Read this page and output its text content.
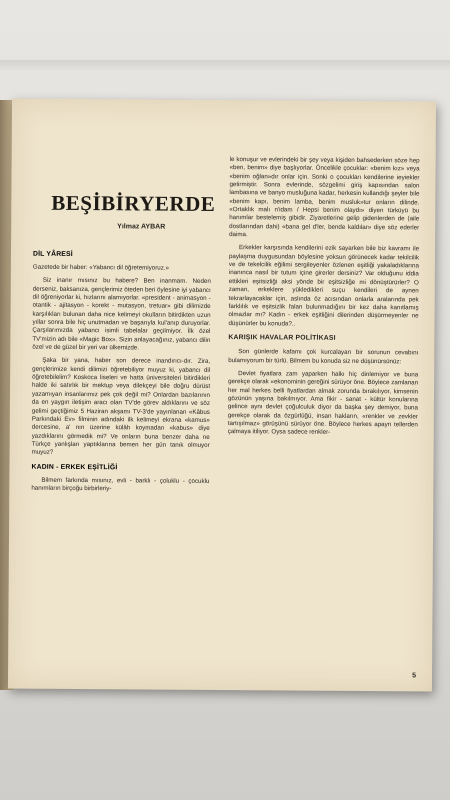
BEŞİBİRYERDE
Yılmaz AYBAR
DİL YÂRESİ

Gazetede bir haber: «Yabancı dil öğretemiyoruz.»

Siz inanır mısınız bu habere? Ben inanmam. Neden derseniz, baksanıza, gençlerimiz öteden beri öylesine iyi yabancı dil öğreniyorlar ki, hızlarını alamıyorlar. «president - animasyon - otantik - ajitasyon - korekt - mutasyon, tretuar» gibi dilimizde karşılıkları bulunan daha nice kelimeyi okulların bitirdikten uzun yıllar sonra bile hiç unutmadan ve başarıyla kul'anıp duruyorlar. Çarşılarımızda yabancı isimli tabelalar geçilmiyor. İlk özel TV'mizin adı bile «Magic Box». Sizin anlayacağınız, yabancı dilin özel ve de güzel bir yeri var ülkemizde.

Şaka bir yana, haber son derece inandırıcı-dır. Zira, gençlerimize kendi dilimizi öğretebiliyor muyuz ki, yabancı dil öğretebilelim? Koskoca liseleri ve hatta üniversiteleri bitirdikleri halde iki satırlık bir mektup veya dilekçeyi bile doğru dürüst yazamıyan insanlarımız pek çok değil mi? Onlardan bazılarının da en yaygın iletişim aracı olan TV'de görev aldıklarını ve söz gelimi geçtiğimiz 5 Haziran akşamı TV-3'de yayınlanan «Kâbus Parkındaki Ev» filminin adındaki ilk kelimeyi ekrana «kamus» dercesine, a' nın üzerine külâh koymadan «kabus» diye yazdıklarını görmedik mi? Ve onların buna benzer daha ne Türkçe yanlışları yaptıklarına bemen her gün tanık olmuyor muyuz?

KADIN - ERKEK EŞİTLİĞİ

Bilmem farkında mısınız, evli - barklı - çoluklu - çocuklu hanımların birçoğu birbirleriy-

le konuşur ve evlerindeki bir şey veya kişiden bahsederken söze hep «ben, benim» diye başlıyorlar. Öncelikle çocuklar: «benim kız» veya «benim oğlan»dır onlar için. Sonki o çocukları kendilerine ieyiekler getirmiştir. Sonra evlerinde, sözgelimi giriş kapısından salon lambasına ve banyo musluğuna kadar, herkesin kullandığı şeyler bile «benim kapı, benim lamba, benim musluk»tur onların dilinde. «Ortaklık malı n'idam / Hepsi benim olaydı» diyen türküyü bu hanımlar bestelemiş gibidir. Ziyaretlerine gelip gidenlerden de (aile dostlarından dahi) «bana gel d'ler, bende kaldılar» diye söz ederler daima.

Erkekler karşısında kendilerini ezik sayarken bile biz kavramı ile paylaşma duygusundan böylesine yoksun görünecek kadar tekilcilik ve de tekelcilik eğilimi sergileyenler özlenen eşitliği yakaladıklarına inanınca nasıl bir tutum içine girerler dersiniz? Var olduğunu iddia ettikleri eşitsizliği aksi yönde bir eşitsizliğe mi dönüştürürler? O zaman, erkeklere yükledikleri suçu kendileri de aynen tekrarlayacaklar için, aslında öz acısından onlarla aralarında pek farklılık ve eşitsizlik falan bulunmadığını bir kez daha kanıtlamış olmazlar mı? Kadın - erkek eşitliğini dilerinden düşürmeyenler ne düşünürler bu konuda?..

KARIŞIK HAVALAR POLİTİKASI

Son günlerde kafamı çok kurcalayan bir sorunun cevabını bulamıyorum bir türlü. Bilmem bu konuda siz ne düşünürsünüz:

Devlet fiyatlara zam yaparken halkı hiç dinlemiyor ve buna gerekçe olarak «ekonominin gereğini sürüyor öne. Böylece zamlanan her mal herkes belli fiyatlardan almak zorunda bırakılıyor, kimsenin gözünün yaşına bakılmıyor. Ama fikir - sanat - kültür konularına gelince aynı devlet çoğulculuk diyor da başka şey demiyor, buna gerekçe olarak da özgürlüğü, insan hakların, «renkler ve zevkler tartışılmaz» görüşünü sürüyor öne. Böylece herkes apayrı tellerden çalmaya itiliyor. Oysa sadece renkler-

5
